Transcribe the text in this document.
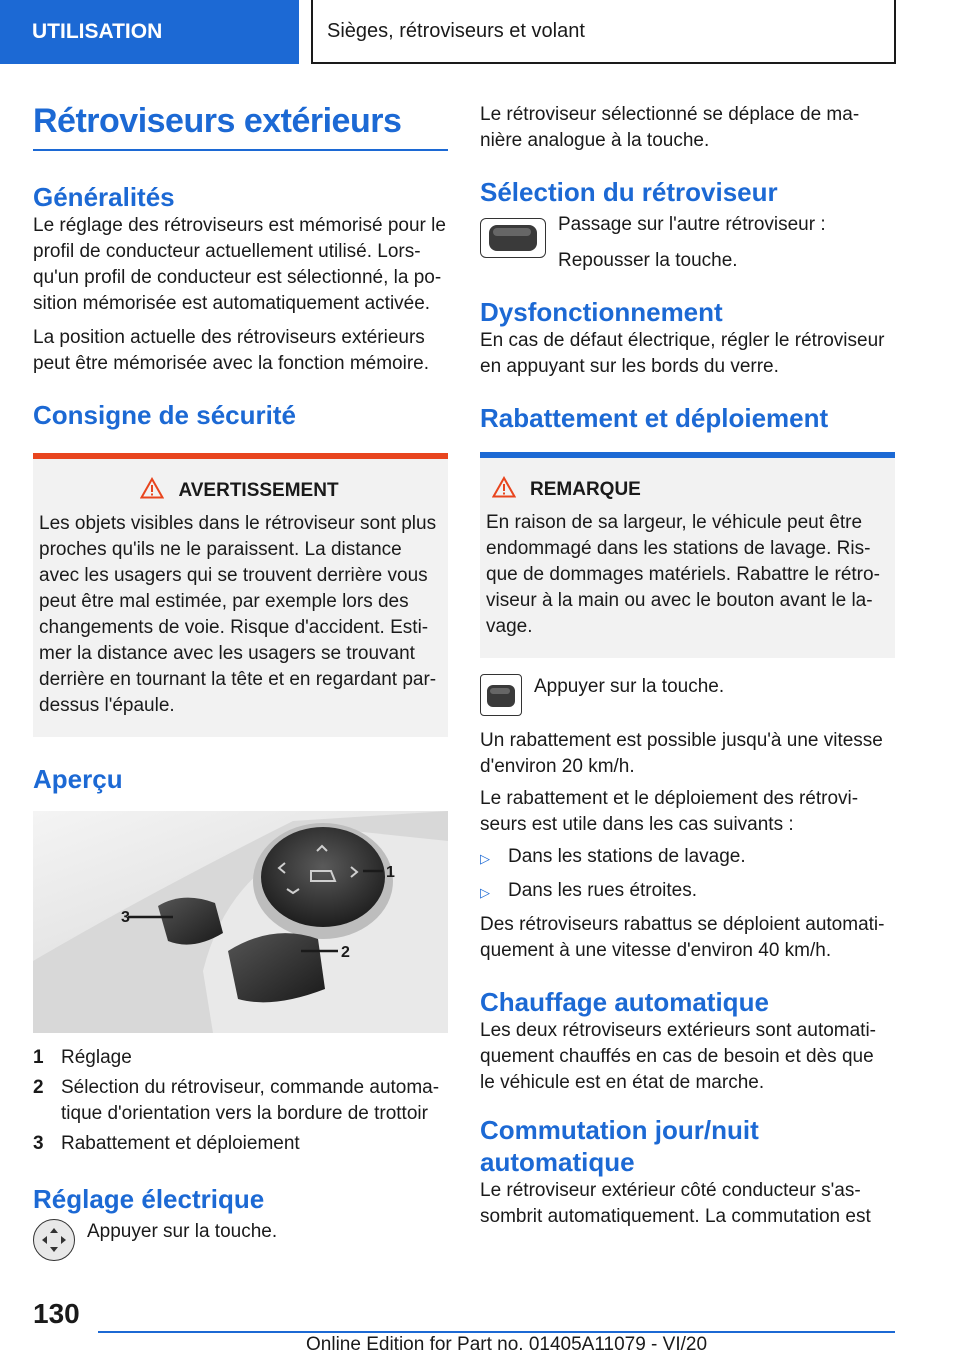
UTILISATION	Sièges, rétroviseurs et volant
Rétroviseurs extérieurs
Généralités

Le réglage des rétroviseurs est mémorisé pour le
profil de conducteur actuellement utilisé. Lors-
qu'un profil de conducteur est sélectionné, la po-
sition mémorisée est automatiquement activée.

La position actuelle des rétroviseurs extérieurs
peut être mémorisée avec la fonction mémoire.

Consigne de sécurité
AVERTISSEMENT

Les objets visibles dans le rétroviseur sont plus
proches qu'ils ne le paraissent. La distance
avec les usagers qui se trouvent derrière vous
peut être mal estimée, par exemple lors des
changements de voie. Risque d'accident. Esti-
mer la distance avec les usagers se trouvant
derrière en tournant la tête et en regardant par-
dessus l'épaule.

Aperçu
1
2
3
1 Réglage
2 Sélection du rétroviseur, commande automa-
tique d'orientation vers la bordure de trottoir
3 Rabattement et déploiement
Réglage électrique

Appuyer sur la touche.

Le rétroviseur sélectionné se déplace de ma-
nière analogue à la touche.

Sélection du rétroviseur

Passage sur l'autre rétroviseur :

Repousser la touche.

Dysfonctionnement

En cas de défaut électrique, régler le rétroviseur
en appuyant sur les bords du verre.

Rabattement et déploiement
REMARQUE

En raison de sa largeur, le véhicule peut être
endommagé dans les stations de lavage. Ris-
que de dommages matériels. Rabattre le rétro-
viseur à la main ou avec le bouton avant le la-
vage.

Appuyer sur la touche.

Un rabattement est possible jusqu'à une vitesse
d'environ 20 km/h.

Le rabattement et le déploiement des rétrovi-
seurs est utile dans les cas suivants :

▷ Dans les stations de lavage.
▷ Dans les rues étroites.

Des rétroviseurs rabattus se déploient automati-
quement à une vitesse d'environ 40 km/h.

Chauffage automatique

Les deux rétroviseurs extérieurs sont automati-
quement chauffés en cas de besoin et dès que
le véhicule est en état de marche.

Commutation jour/nuit
automatique

Le rétroviseur extérieur côté conducteur s'as-
sombrit automatiquement. La commutation est

130
Online Edition for Part no. 01405A11079 - VI/20
